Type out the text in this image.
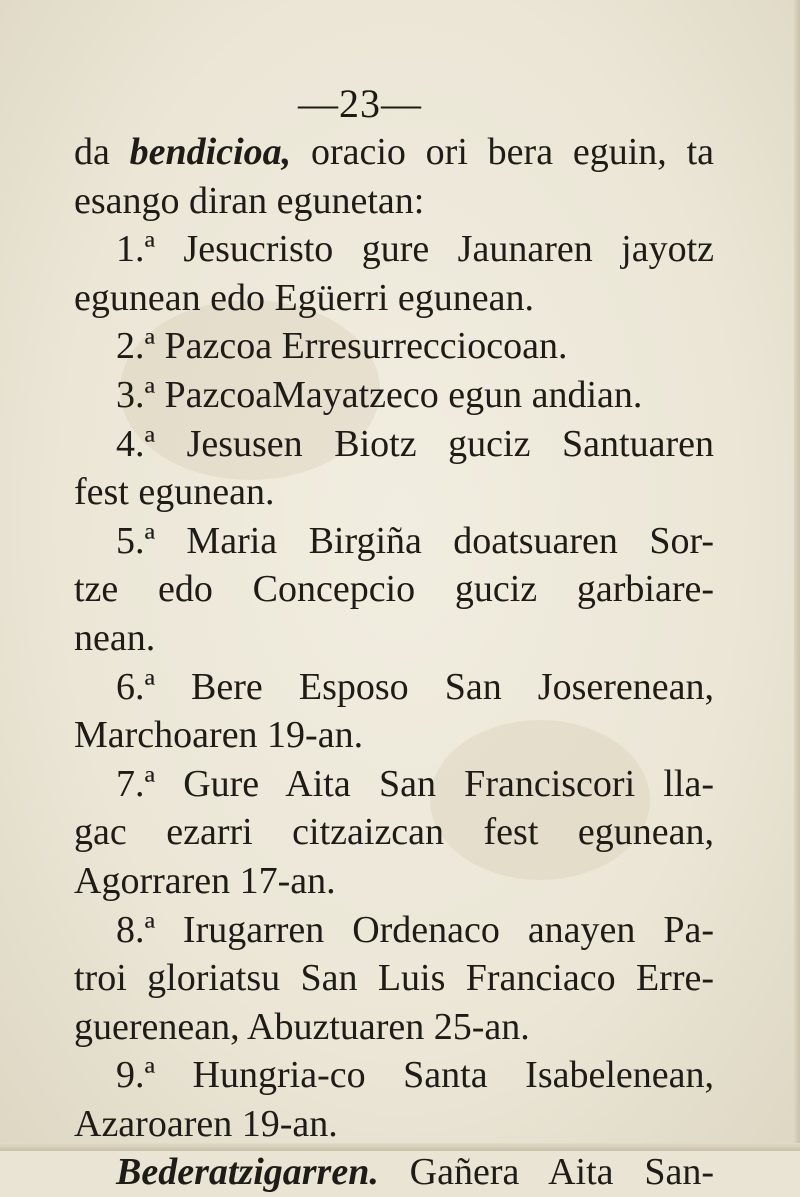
—23—
da bendicioa, oracio ori bera eguin, ta
esango diran egunetan:
1.ª Jesucristo gure Jaunaren jayotz
egunean edo Egüerri egunean.
2.ª Pazcoa Erresurrecciocoan.
3.ª PazcoaMayatzeco egun andian.
4.ª Jesusen Biotz guciz Santuaren
fest egunean.
5.ª Maria Birgiña doatsuaren Sor-
tze edo Concepcio guciz garbiare-
nean.
6.ª Bere Esposo San Joserenean,
Marchoaren 19-an.
7.ª Gure Aita San Franciscori lla-
gac ezarri citzaizcan fest egunean,
Agorraren 17-an.
8.ª Irugarren Ordenaco anayen Pa-
troi gloriatsu San Luis Franciaco Erre-
guerenean, Abuztuaren 25-an.
9.ª Hungria-co Santa Isabelenean,
Azaroaren 19-an.
Bederatzigarren. Gañera Aita San-
